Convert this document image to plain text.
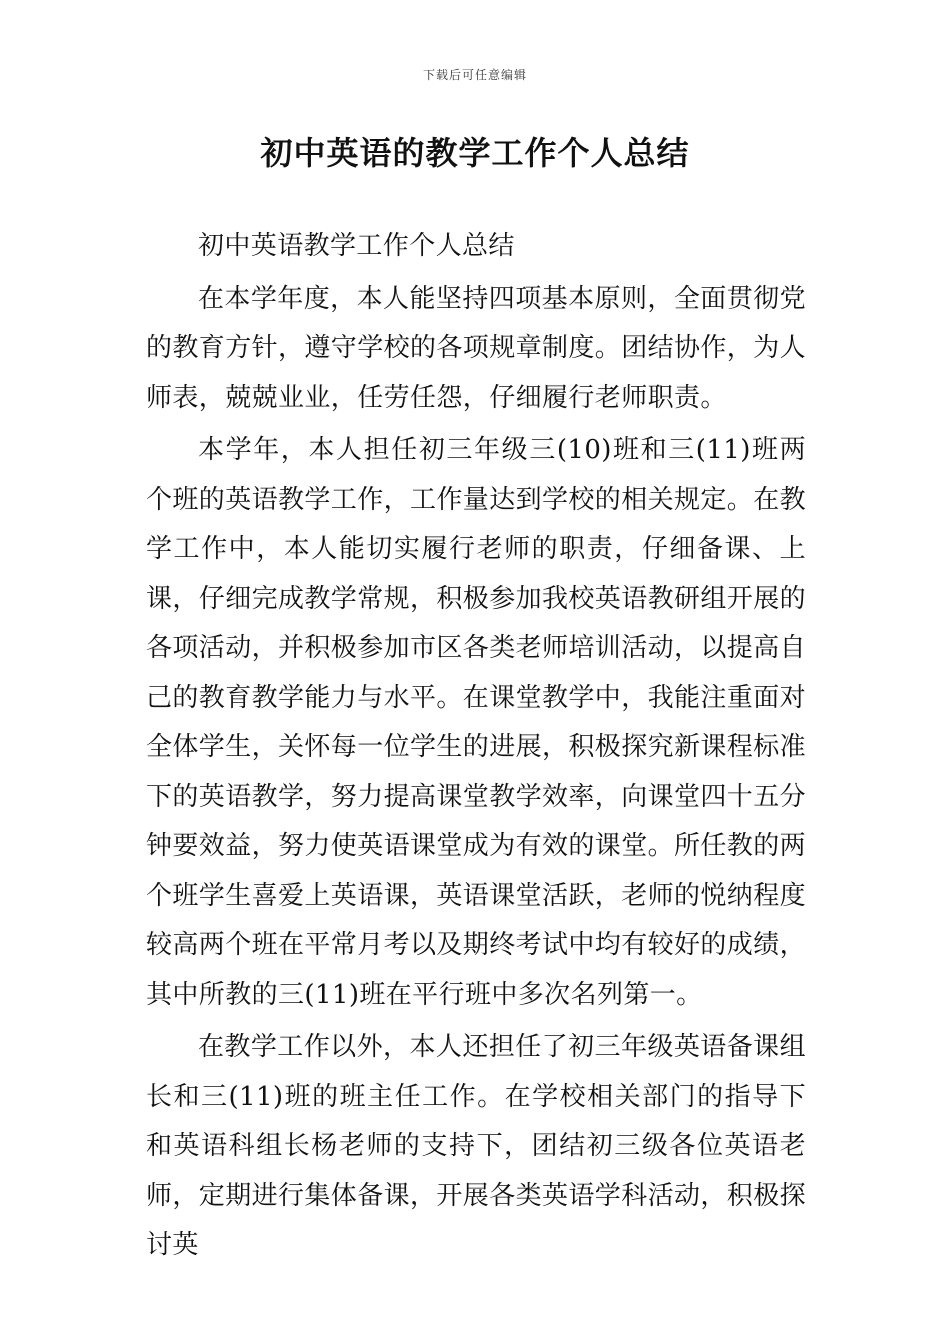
下载后可任意编辑
初中英语的教学工作个人总结

初中英语教学工作个人总结

在本学年度，本人能坚持四项基本原则，全面贯彻党的教育方针，遵守学校的各项规章制度。团结协作，为人师表，兢兢业业，任劳任怨，仔细履行老师职责。

本学年，本人担任初三年级三(10)班和三(11)班两个班的英语教学工作，工作量达到学校的相关规定。在教学工作中，本人能切实履行老师的职责，仔细备课、上课，仔细完成教学常规，积极参加我校英语教研组开展的各项活动，并积极参加市区各类老师培训活动，以提高自己的教育教学能力与水平。在课堂教学中，我能注重面对全体学生，关怀每一位学生的进展，积极探究新课程标准下的英语教学，努力提高课堂教学效率，向课堂四十五分钟要效益，努力使英语课堂成为有效的课堂。所任教的两个班学生喜爱上英语课，英语课堂活跃，老师的悦纳程度较高两个班在平常月考以及期终考试中均有较好的成绩，其中所教的三(11)班在平行班中多次名列第一。

在教学工作以外，本人还担任了初三年级英语备课组长和三(11)班的班主任工作。在学校相关部门的指导下和英语科组长杨老师的支持下，团结初三级各位英语老师，定期进行集体备课，开展各类英语学科活动，积极探讨英
